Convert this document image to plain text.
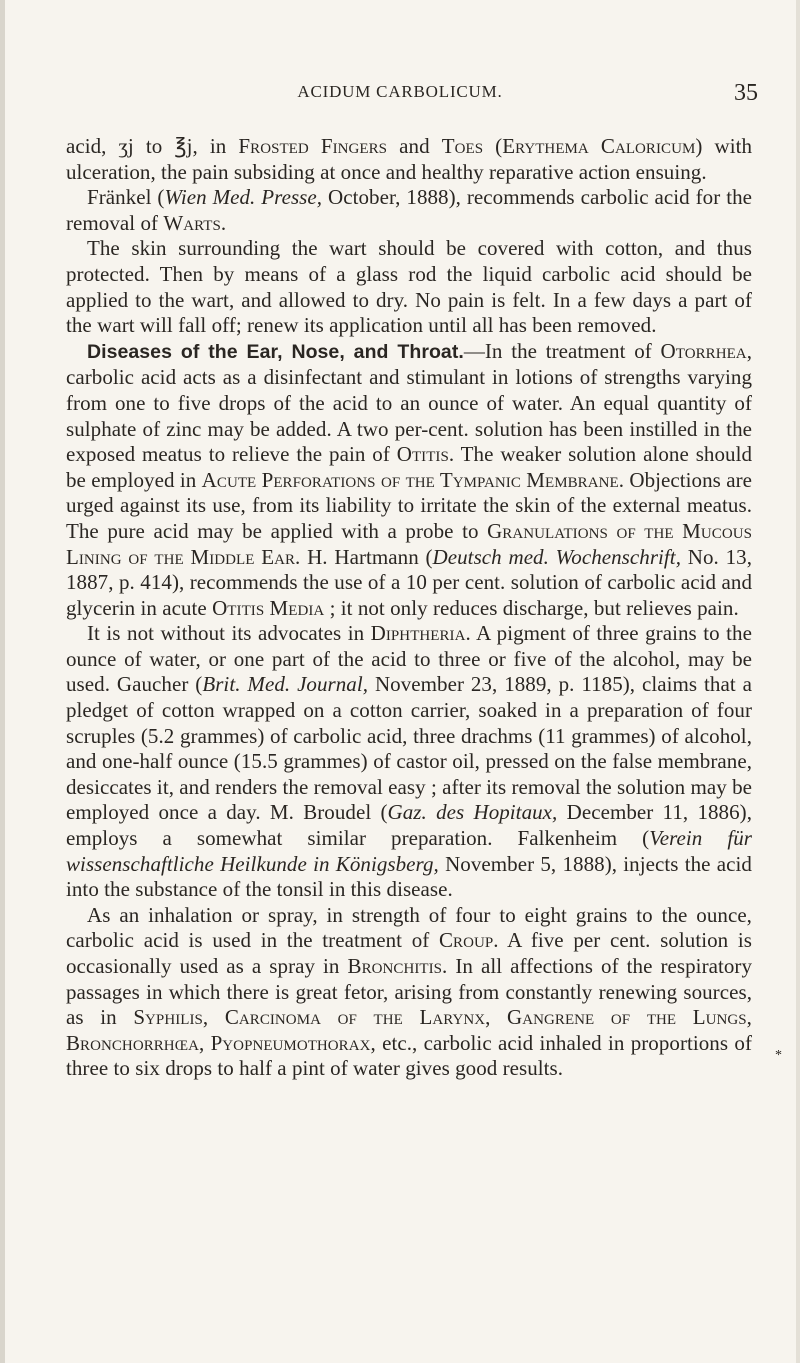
ACIDUM CARBOLICUM.	35

acid, ʒj to ℥j, in Frosted Fingers and Toes (Erythema Caloricum) with ulceration, the pain subsiding at once and healthy reparative action ensuing.

Fränkel (Wien Med. Presse, October, 1888), recommends carbolic acid for the removal of Warts.

The skin surrounding the wart should be covered with cotton, and thus protected. Then by means of a glass rod the liquid carbolic acid should be applied to the wart, and allowed to dry. No pain is felt. In a few days a part of the wart will fall off; renew its application until all has been removed.

Diseases of the Ear, Nose, and Throat.—In the treatment of Otorrhea, carbolic acid acts as a disinfectant and stimulant in lotions of strengths varying from one to five drops of the acid to an ounce of water. An equal quantity of sulphate of zinc may be added. A two per-cent. solution has been instilled in the exposed meatus to relieve the pain of Otitis. The weaker solution alone should be employed in Acute Perforations of the Tympanic Membrane. Objections are urged against its use, from its liability to irritate the skin of the external meatus. The pure acid may be applied with a probe to Granulations of the Mucous Lining of the Middle Ear. H. Hartmann (Deutsch med. Wochenschrift, No. 13, 1887, p. 414), recommends the use of a 10 per cent. solution of carbolic acid and glycerin in acute Otitis Media ; it not only reduces discharge, but relieves pain.

It is not without its advocates in Diphtheria. A pigment of three grains to the ounce of water, or one part of the acid to three or five of the alcohol, may be used. Gaucher (Brit. Med. Journal, November 23, 1889, p. 1185), claims that a pledget of cotton wrapped on a cotton carrier, soaked in a preparation of four scruples (5.2 grammes) of carbolic acid, three drachms (11 grammes) of alcohol, and one-half ounce (15.5 grammes) of castor oil, pressed on the false membrane, desiccates it, and renders the removal easy ; after its removal the solution may be employed once a day. M. Broudel (Gaz. des Hopitaux, December 11, 1886), employs a somewhat similar preparation. Falkenheim (Verein für wissenschaftliche Heilkunde in Königsberg, November 5, 1888), injects the acid into the substance of the tonsil in this disease.

As an inhalation or spray, in strength of four to eight grains to the ounce, carbolic acid is used in the treatment of Croup. A five per cent. solution is occasionally used as a spray in Bronchitis. In all affections of the respiratory passages in which there is great fetor, arising from constantly renewing sources, as in Syphilis, Carcinoma of the Larynx, Gangrene of the Lungs, Bronchorrhœa, Pyopneumothorax, etc., carbolic acid inhaled in proportions of three to six drops to half a pint of water gives good results.

*
